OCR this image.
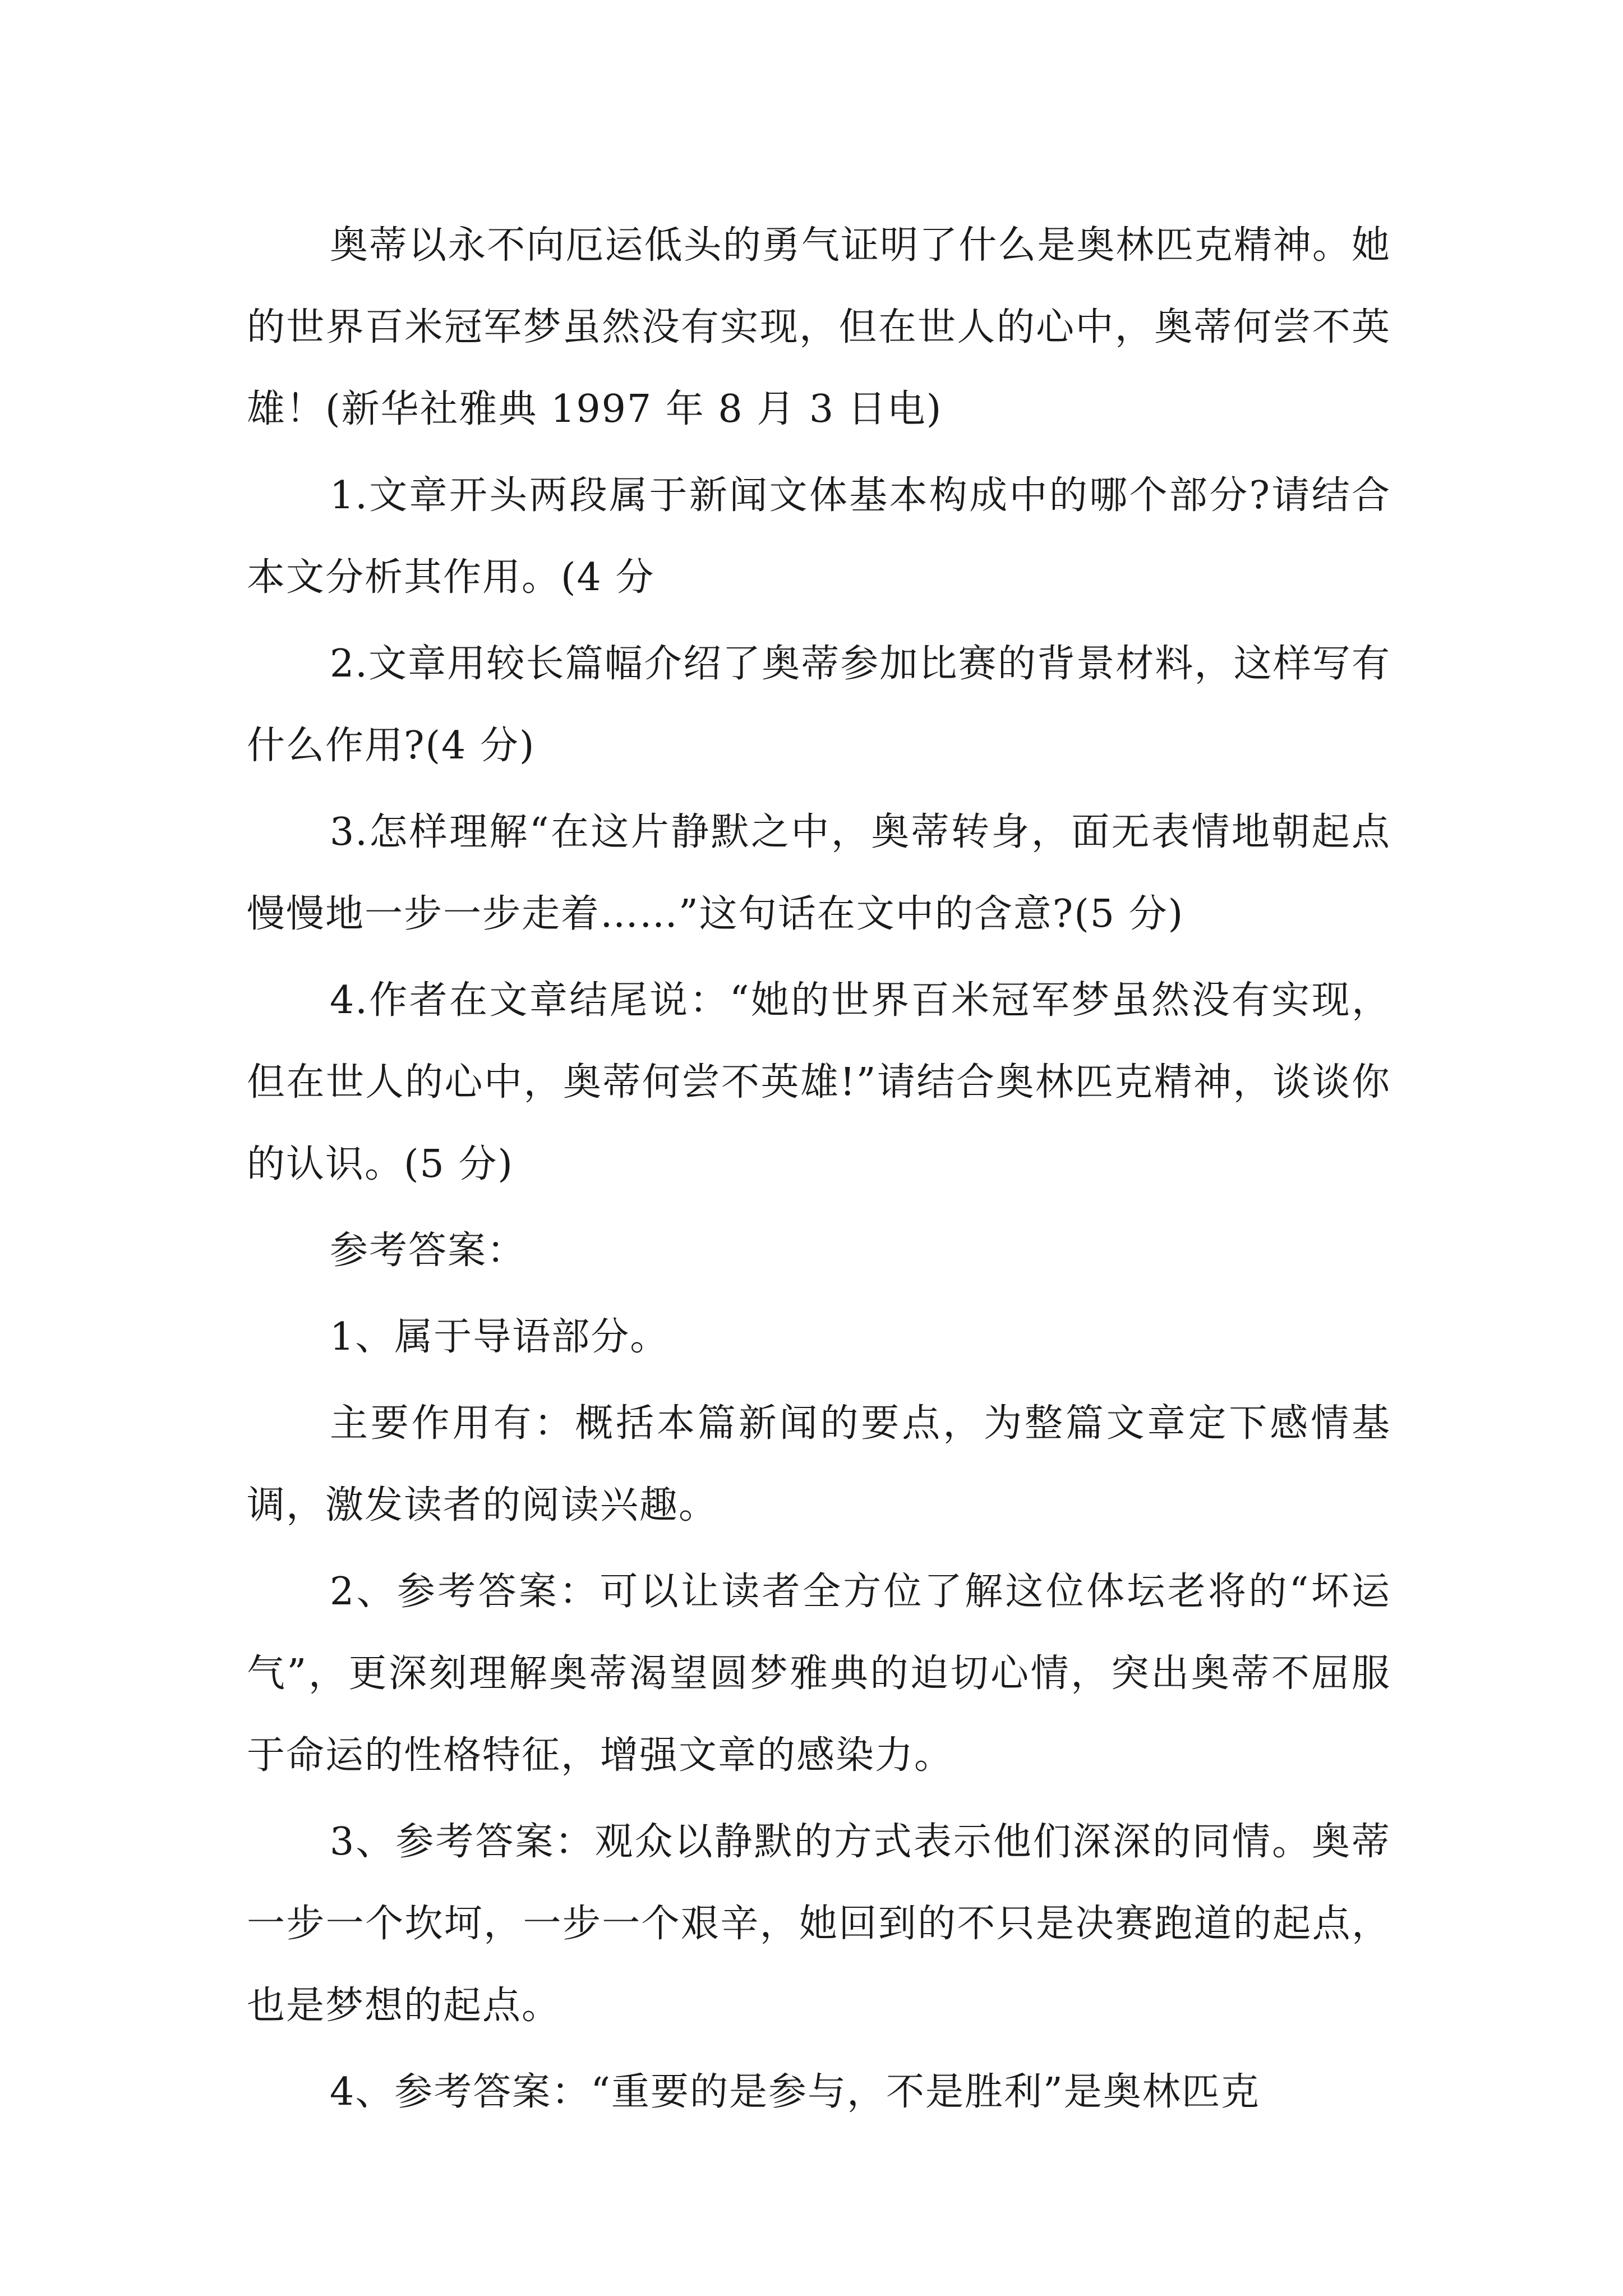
奥蒂以永不向厄运低头的勇气证明了什么是奥林匹克精神。她的世界百米冠军梦虽然没有实现，但在世人的心中，奥蒂何尝不英雄！(新华社雅典 1997 年 8 月 3 日电)

1.文章开头两段属于新闻文体基本构成中的哪个部分?请结合本文分析其作用。(4 分

2.文章用较长篇幅介绍了奥蒂参加比赛的背景材料，这样写有什么作用?(4 分)

3.怎样理解“在这片静默之中，奥蒂转身，面无表情地朝起点慢慢地一步一步走着……”这句话在文中的含意?(5 分)

4.作者在文章结尾说：“她的世界百米冠军梦虽然没有实现，但在世人的心中，奥蒂何尝不英雄!”请结合奥林匹克精神，谈谈你的认识。(5 分)

参考答案：

1、属于导语部分。

主要作用有：概括本篇新闻的要点，为整篇文章定下感情基调，激发读者的阅读兴趣。

2、参考答案：可以让读者全方位了解这位体坛老将的“坏运气”，更深刻理解奥蒂渴望圆梦雅典的迫切心情，突出奥蒂不屈服于命运的性格特征，增强文章的感染力。

3、参考答案：观众以静默的方式表示他们深深的同情。奥蒂一步一个坎坷，一步一个艰辛，她回到的不只是决赛跑道的起点，也是梦想的起点。

4、参考答案：“重要的是参与，不是胜利”是奥林匹克
